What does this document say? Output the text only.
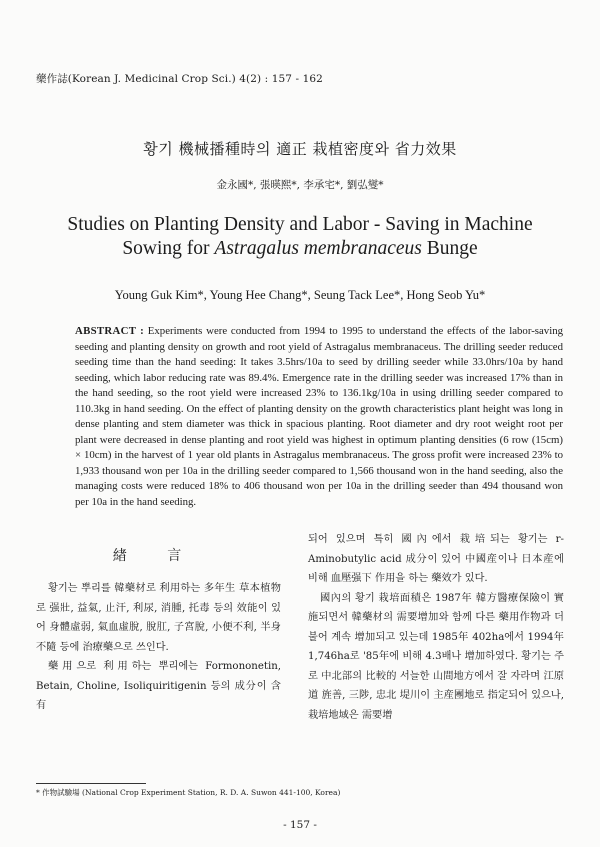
藥作誌(Korean J. Medicinal Crop Sci.) 4(2) : 157 - 162
황기 機械播種時의 適正 栽植密度와 省力效果
金永國*, 張暎熙*, 李承宅*, 劉弘燮*
Studies on Planting Density and Labor - Saving in Machine
Sowing for Astragalus membranaceus Bunge
Young Guk Kim*, Young Hee Chang*, Seung Tack Lee*, Hong Seob Yu*
ABSTRACT : Experiments were conducted from 1994 to 1995 to understand the effects of the labor-saving seeding and planting density on growth and root yield of Astragalus membranaceus. The drilling seeder reduced seeding time than the hand seeding: It takes 3.5hrs/10a to seed by drilling seeder while 33.0hrs/10a by hand seeding, which labor reducing rate was 89.4%. Emergence rate in the drilling seeder was increased 17% than in the hand seeding, so the root yield were increased 23% to 136.1kg/10a in using drilling seeder compared to 110.3kg in hand seeding. On the effect of planting density on the growth characteristics plant height was long in dense planting and stem diameter was thick in spacious planting. Root diameter and dry root weight root per plant were decreased in dense planting and root yield was highest in optimum planting densities (6 row (15cm) × 10cm) in the harvest of 1 year old plants in Astragalus membranaceus. The gross profit were increased 23% to 1,933 thousand won per 10a in the drilling seeder compared to 1,566 thousand won in the hand seeding, also the managing costs were reduced 18% to 406 thousand won per 10a in the drilling seeder than 494 thousand won per 10a in the hand seeding.
緖 言

황기는 뿌리를 韓藥材로 利用하는 多年生 草本植物로 强壯, 益氣, 止汗, 利尿, 消腫, 托毒 등의 效能이 있어 身體虛弱, 氣血虛脫, 脫肛, 子宮脫, 小便不利, 半身不隨 등에 治療藥으로 쓰인다.

藥用으로 利用하는 뿌리에는 Formononetin, Betain, Choline, Isoliquiritigenin 등의 成分이 含有

되어 있으며 특히 國內에서 栽培되는 황기는 r-Aminobutylic acid 成分이 있어 中國産이나 日本産에 비해 血壓强下 作用을 하는 藥效가 있다.

國內의 황기 栽培面積은 1987年 韓方醫療保險이 實施되면서 韓藥材의 需要增加와 함께 다른 藥用作物과 더불어 계속 增加되고 있는데 1985年 402ha에서 1994年 1,746ha로 '85年에 비해 4.3배나 增加하였다. 황기는 주로 中北部의 比較的 서늘한 山間地方에서 잘 자라며 江原道 旌善, 三陟, 忠北 堤川이 主産團地로 指定되어 있으나, 栽培地域은 需要增

* 作物試驗場 (National Crop Experiment Station, R. D. A. Suwon 441-100, Korea)
- 157 -
